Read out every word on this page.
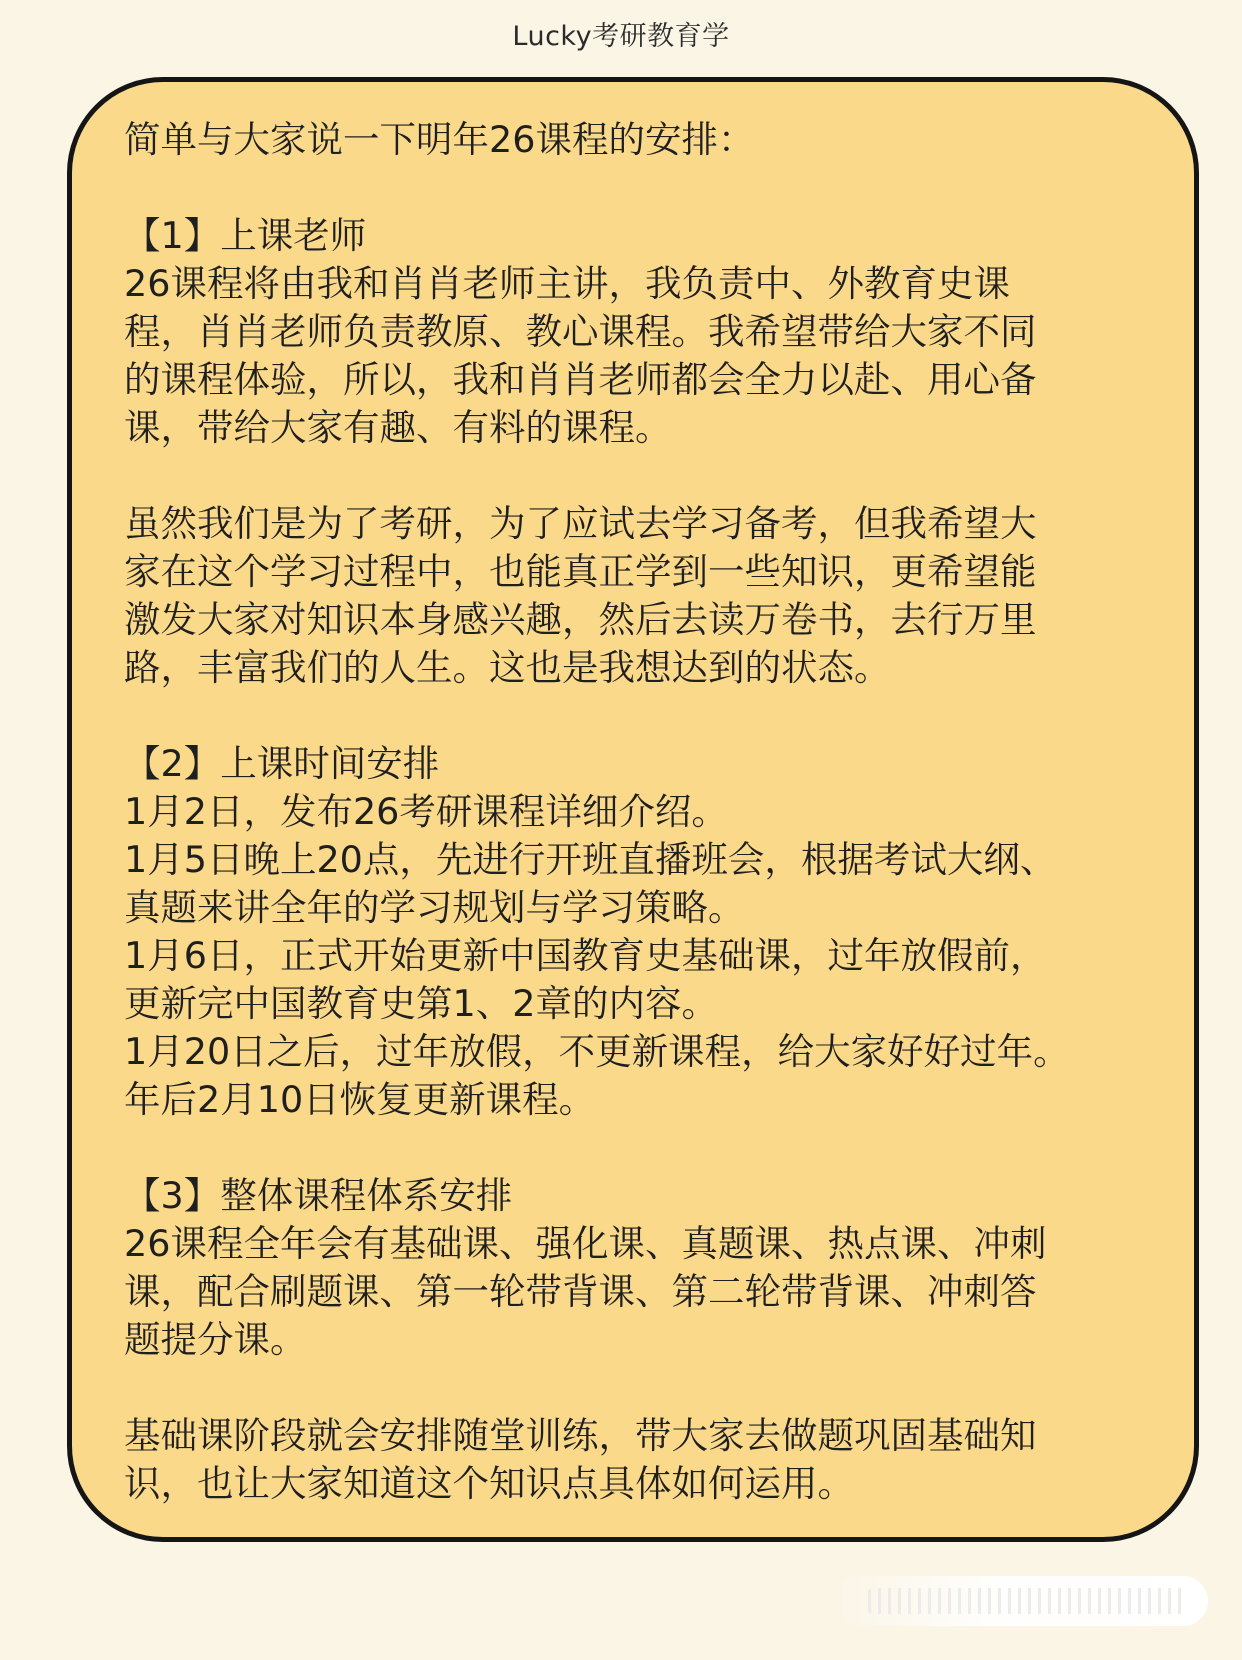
Lucky考研教育学

简单与大家说一下明年26课程的安排：

【1】上课老师

26课程将由我和肖肖老师主讲，我负责中、外教育史课
程，肖肖老师负责教原、教心课程。我希望带给大家不同
的课程体验，所以，我和肖肖老师都会全力以赴、用心备
课，带给大家有趣、有料的课程。

虽然我们是为了考研，为了应试去学习备考，但我希望大
家在这个学习过程中，也能真正学到一些知识，更希望能
激发大家对知识本身感兴趣，然后去读万卷书，去行万里
路，丰富我们的人生。这也是我想达到的状态。

【2】上课时间安排

1月2日，发布26考研课程详细介绍。
1月5日晚上20点，先进行开班直播班会，根据考试大纲、
真题来讲全年的学习规划与学习策略。
1月6日，正式开始更新中国教育史基础课，过年放假前，
更新完中国教育史第1、2章的内容。
1月20日之后，过年放假，不更新课程，给大家好好过年。
年后2月10日恢复更新课程。

【3】整体课程体系安排

26课程全年会有基础课、强化课、真题课、热点课、冲刺
课，配合刷题课、第一轮带背课、第二轮带背课、冲刺答
题提分课。

基础课阶段就会安排随堂训练，带大家去做题巩固基础知
识，也让大家知道这个知识点具体如何运用。
